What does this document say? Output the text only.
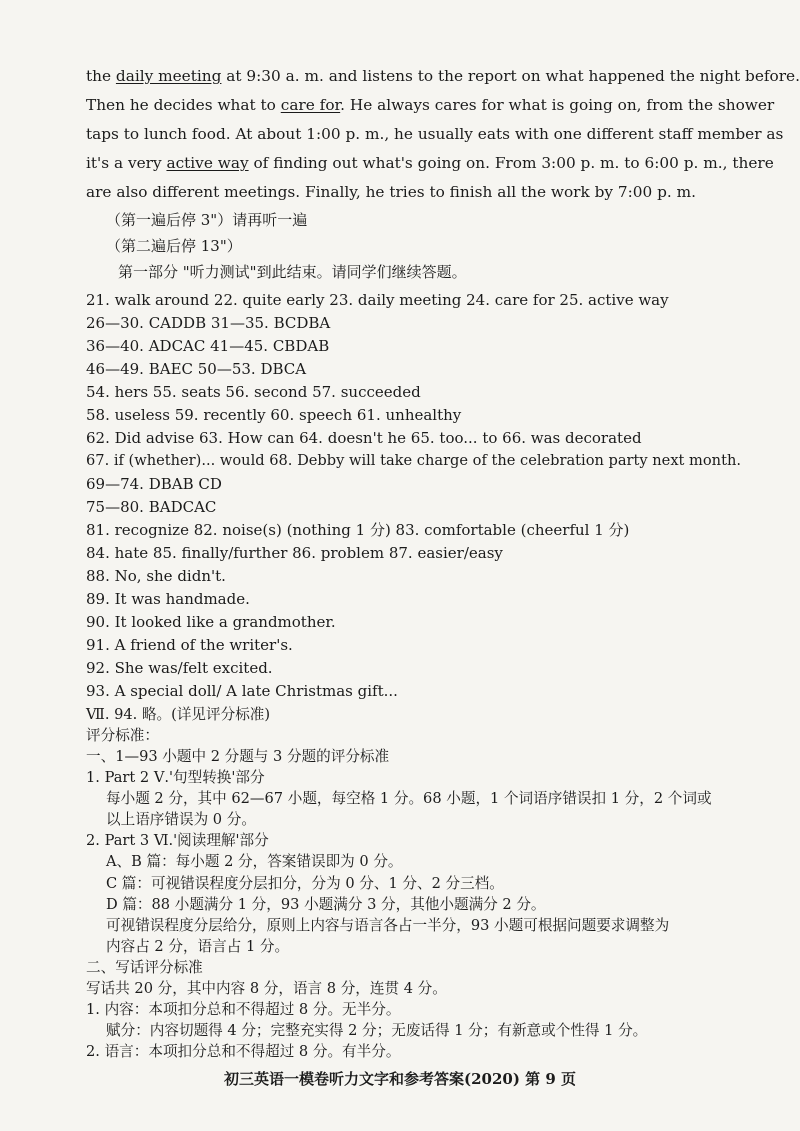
the daily meeting at 9:30 a. m. and listens to the report on what happened the night before.
Then he decides what to care for. He always cares for what is going on, from the shower
taps to lunch food. At about 1:00 p. m., he usually eats with one different staff member as
it's a very active way of finding out what's going on. From 3:00 p. m. to 6:00 p. m., there
are also different meetings. Finally, he tries to finish all the work by 7:00 p. m.
（第一遍后停 3"）请再听一遍
（第二遍后停 13"）
第一部分 "听力测试"到此结束。请同学们继续答题。
21. walk around 22. quite early 23. daily meeting 24. care for 25. active way
26—30. CADDB 31—35. BCDBA
36—40. ADCAC 41—45. CBDAB
46—49. BAEC 50—53. DBCA
54. hers 55. seats 56. second 57. succeeded
58. useless 59. recently 60. speech 61. unhealthy
62. Did advise 63. How can 64. doesn't he 65. too... to 66. was decorated
67. if (whether)... would 68. Debby will take charge of the celebration party next month.
69—74. DBAB CD
75—80. BADCAC
81. recognize 82. noise(s) (nothing 1 分) 83. comfortable (cheerful 1 分)
84. hate 85. finally/further 86. problem 87. easier/easy
88. No, she didn't.
89. It was handmade.
90. It looked like a grandmother.
91. A friend of the writer's.
92. She was/felt excited.
93. A special doll/ A late Christmas gift...
Ⅶ. 94. 略。(详见评分标准)
评分标准：
一、1—93 小题中 2 分题与 3 分题的评分标准
1. Part 2 Ⅴ.'句型转换'部分
每小题 2 分，其中 62—67 小题，每空格 1 分。68 小题，1 个词语序错误扣 1 分，2 个词或
以上语序错误为 0 分。
2. Part 3 Ⅵ.'阅读理解'部分
A、B 篇：每小题 2 分，答案错误即为 0 分。
C 篇：可视错误程度分层扣分，分为 0 分、1 分、2 分三档。
D 篇：88 小题满分 1 分，93 小题满分 3 分，其他小题满分 2 分。
可视错误程度分层给分，原则上内容与语言各占一半分，93 小题可根据问题要求调整为
内容占 2 分，语言占 1 分。
二、写话评分标准
写话共 20 分，其中内容 8 分，语言 8 分，连贯 4 分。
1. 内容：本项扣分总和不得超过 8 分。无半分。
赋分：内容切题得 4 分；完整充实得 2 分；无废话得 1 分；有新意或个性得 1 分。
2. 语言：本项扣分总和不得超过 8 分。有半分。
初三英语一模卷听力文字和参考答案(2020) 第 9 页
